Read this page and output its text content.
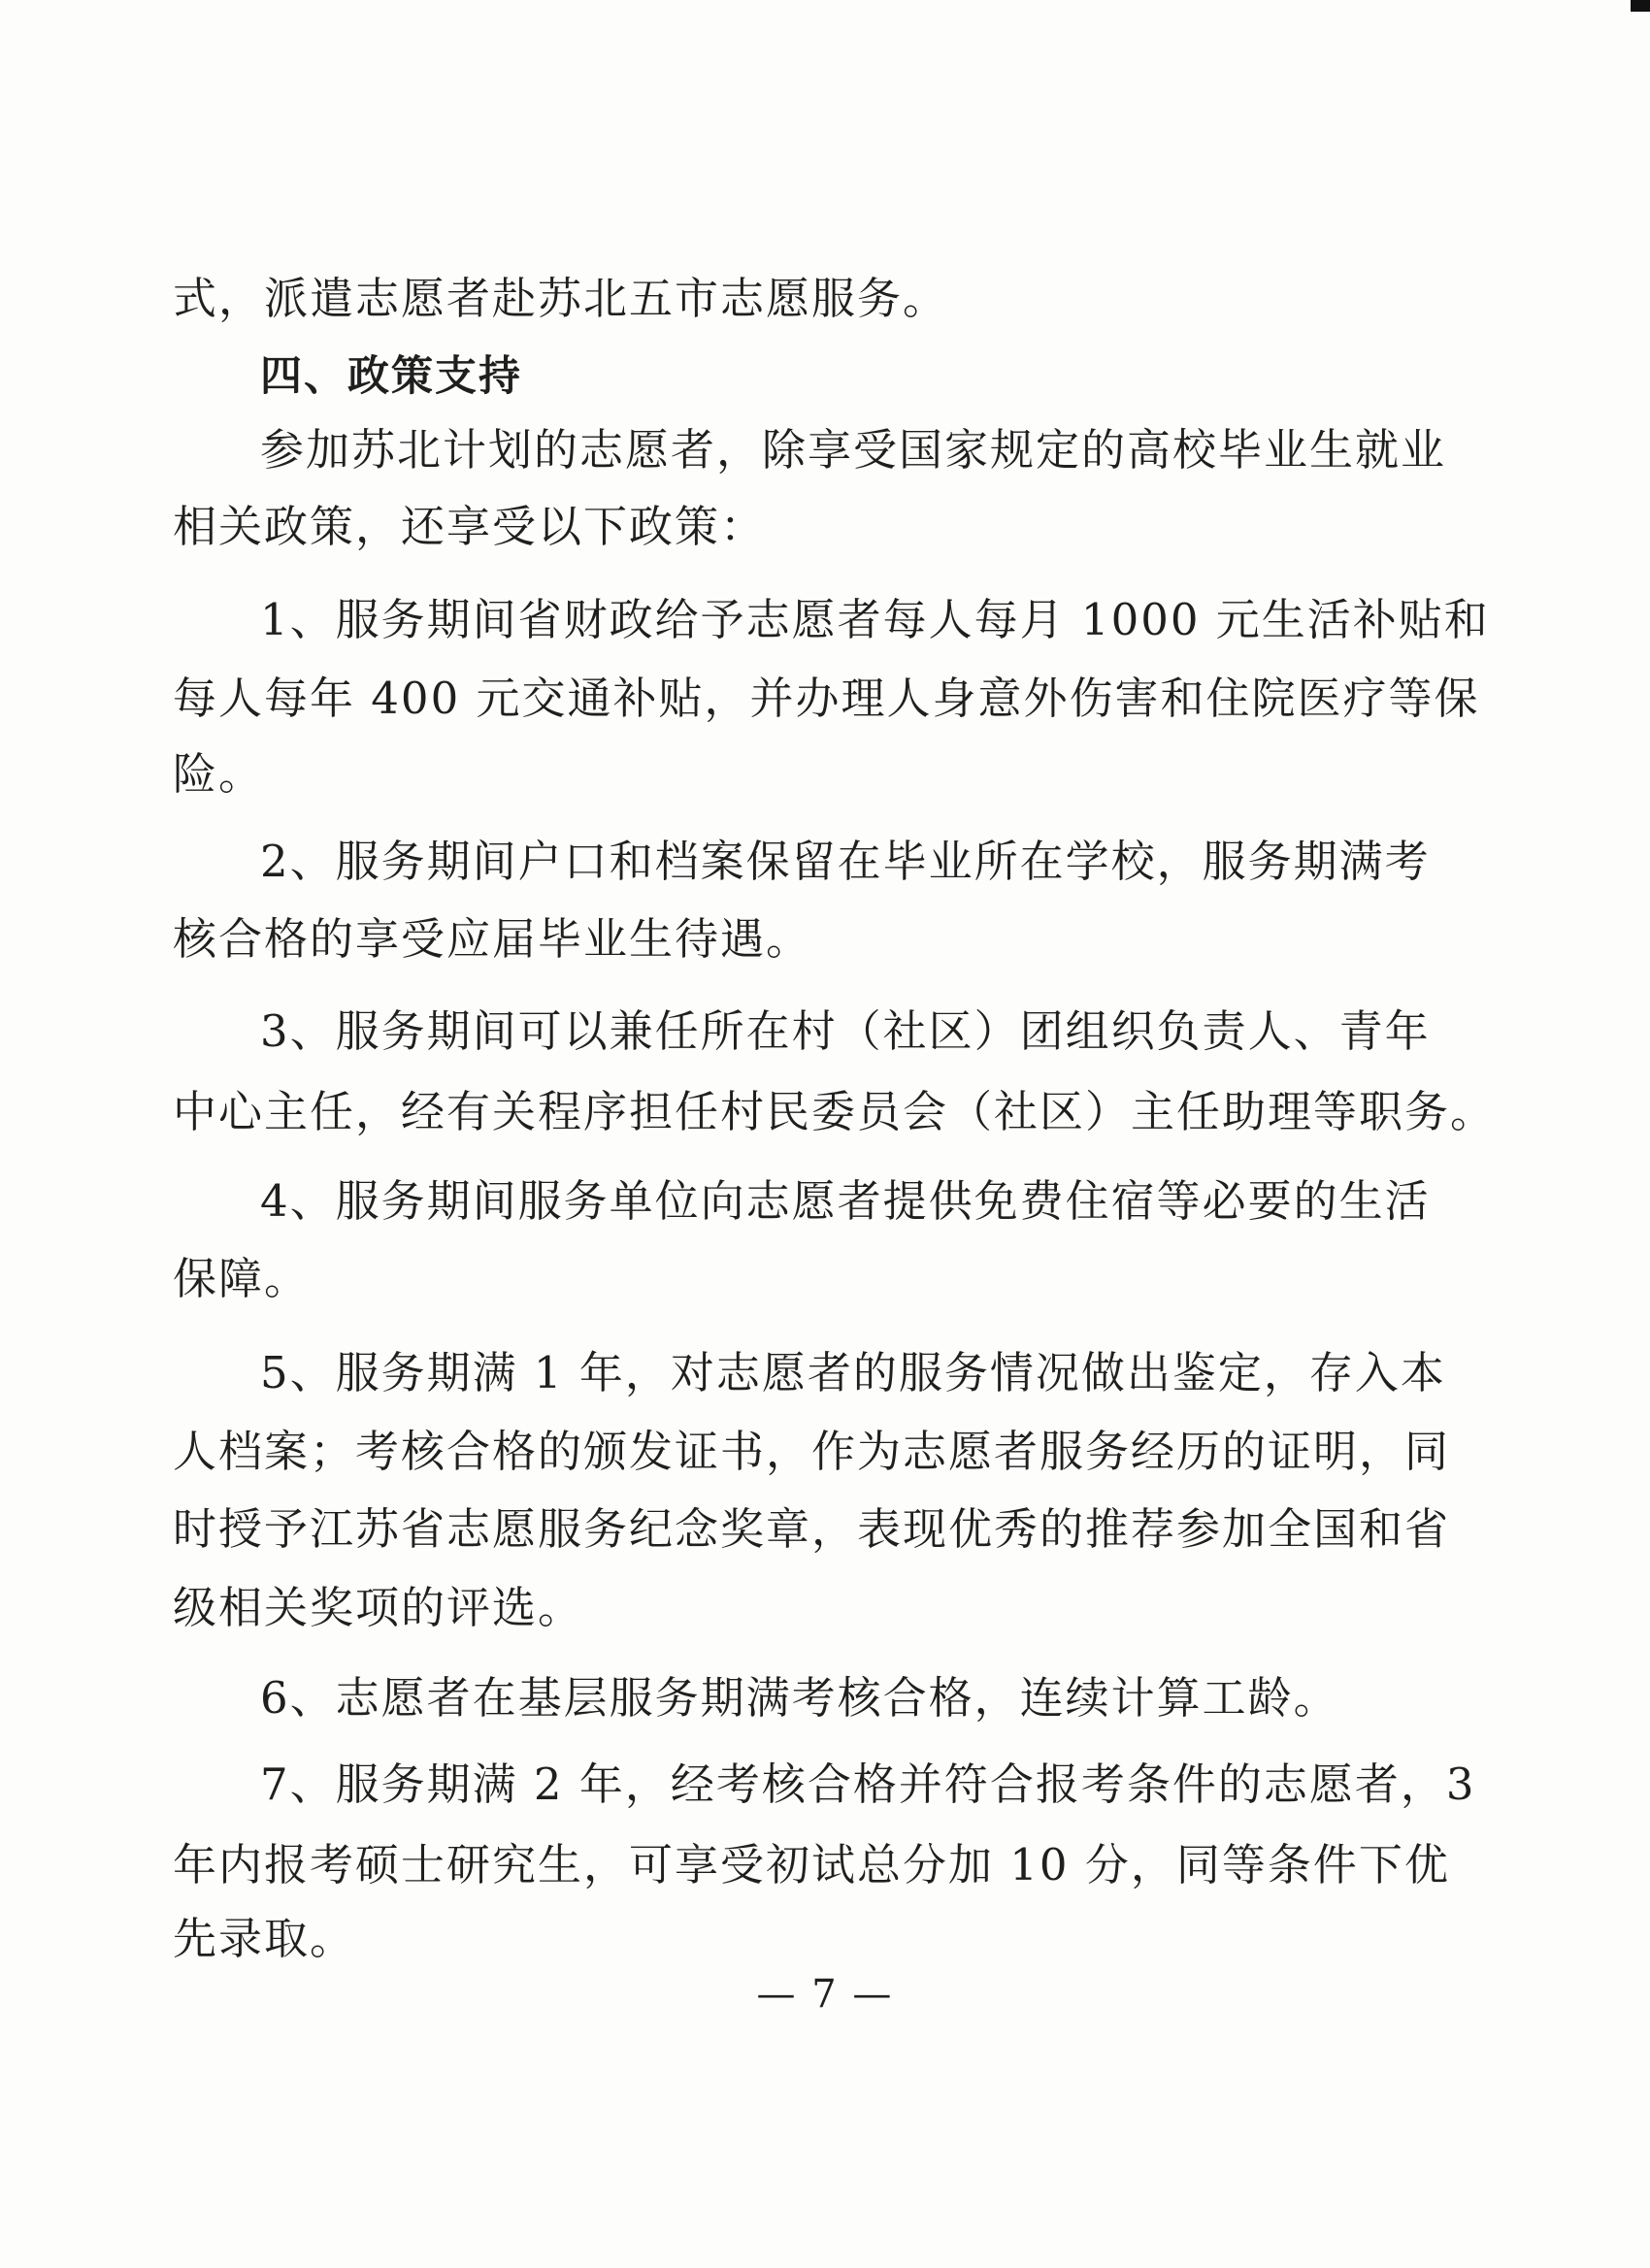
式，派遣志愿者赴苏北五市志愿服务。
四、政策支持
参加苏北计划的志愿者，除享受国家规定的高校毕业生就业
相关政策，还享受以下政策：
1、服务期间省财政给予志愿者每人每月 1000 元生活补贴和
每人每年 400 元交通补贴，并办理人身意外伤害和住院医疗等保
险。
2、服务期间户口和档案保留在毕业所在学校，服务期满考
核合格的享受应届毕业生待遇。
3、服务期间可以兼任所在村（社区）团组织负责人、青年
中心主任，经有关程序担任村民委员会（社区）主任助理等职务。
4、服务期间服务单位向志愿者提供免费住宿等必要的生活
保障。
5、服务期满 1 年，对志愿者的服务情况做出鉴定，存入本
人档案；考核合格的颁发证书，作为志愿者服务经历的证明，同
时授予江苏省志愿服务纪念奖章，表现优秀的推荐参加全国和省
级相关奖项的评选。
6、志愿者在基层服务期满考核合格，连续计算工龄。
7、服务期满 2 年，经考核合格并符合报考条件的志愿者，3
年内报考硕士研究生，可享受初试总分加 10 分，同等条件下优
先录取。
— 7 —
